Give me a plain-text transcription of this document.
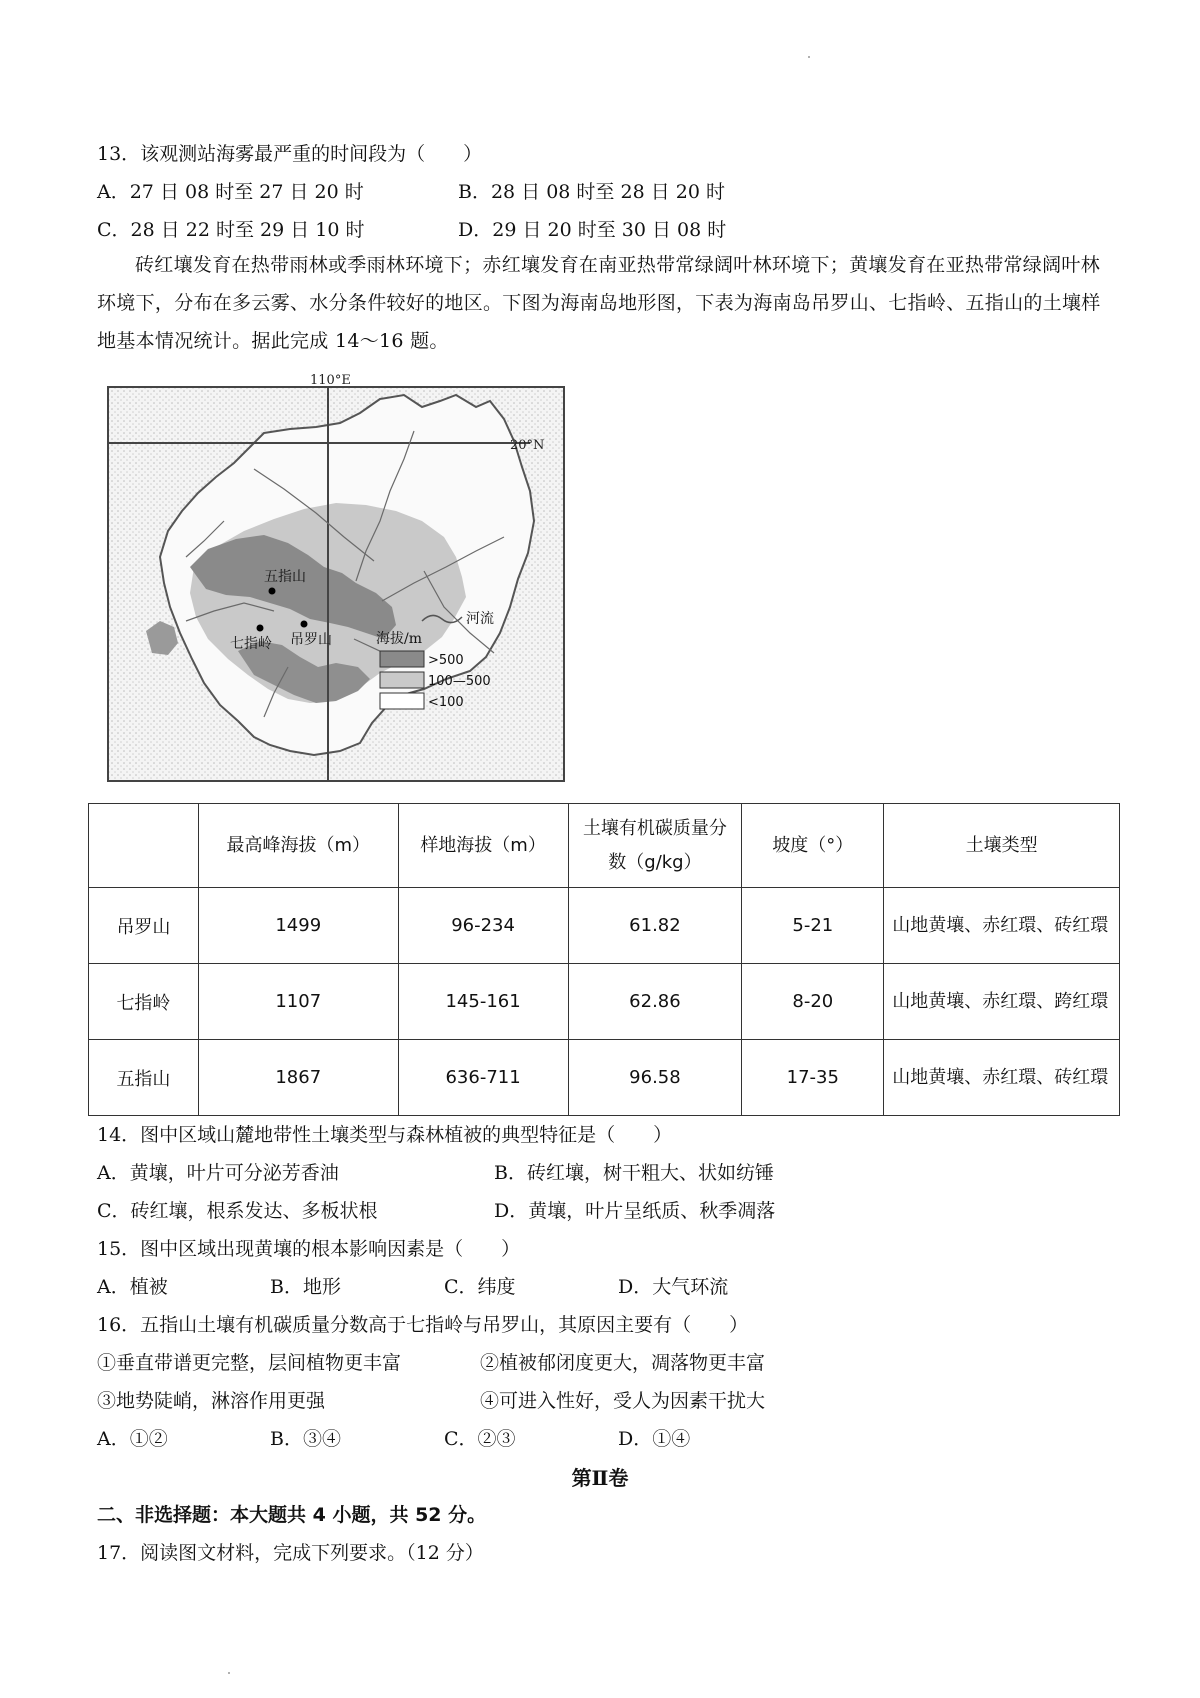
13．该观测站海雾最严重的时间段为（　　）
A．27 日 08 时至 27 日 20 时	B．28 日 08 时至 28 日 20 时
C．28 日 22 时至 29 日 10 时	D．29 日 20 时至 30 日 08 时

砖红壤发育在热带雨林或季雨林环境下；赤红壤发育在南亚热带常绿阔叶林环境下；黄壤发育在亚热带常绿阔叶林环境下，分布在多云雾、水分条件较好的地区。下图为海南岛地形图，下表为海南岛吊罗山、七指岭、五指山的土壤样地基本情况统计。据此完成 14～16 题。

110°E
20°N
五指山
七指岭 吊罗山
河流
海拔/m
>500
100—500
<100
	最高峰海拔（m）	样地海拔（m）	土壤有机碳质量分数（g/kg）	坡度（°）	土壤类型
吊罗山	1499	96-234	61.82	5-21	山地黄壤、赤红環、砖红環
七指岭	1107	145-161	62.86	8-20	山地黄壤、赤红環、跨红環
五指山	1867	636-711	96.58	17-35	山地黄壤、赤红環、砖红環
14．图中区域山麓地带性土壤类型与森林植被的典型特征是（　　）
A．黄壤，叶片可分泌芳香油	B．砖红壤，树干粗大、状如纺锤
C．砖红壤，根系发达、多板状根	D．黄壤，叶片呈纸质、秋季凋落
15．图中区域出现黄壤的根本影响因素是（　　）
A．植被	B．地形	C．纬度	D．大气环流
16．五指山土壤有机碳质量分数高于七指岭与吊罗山，其原因主要有（　　）
①垂直带谱更完整，层间植物更丰富	②植被郁闭度更大，凋落物更丰富
③地势陡峭，淋溶作用更强	④可进入性好，受人为因素干扰大
A．①②	B．③④	C．②③	D．①④
第Ⅱ卷
二、非选择题：本大题共 4 小题，共 52 分。
17．阅读图文材料，完成下列要求。（12 分）
